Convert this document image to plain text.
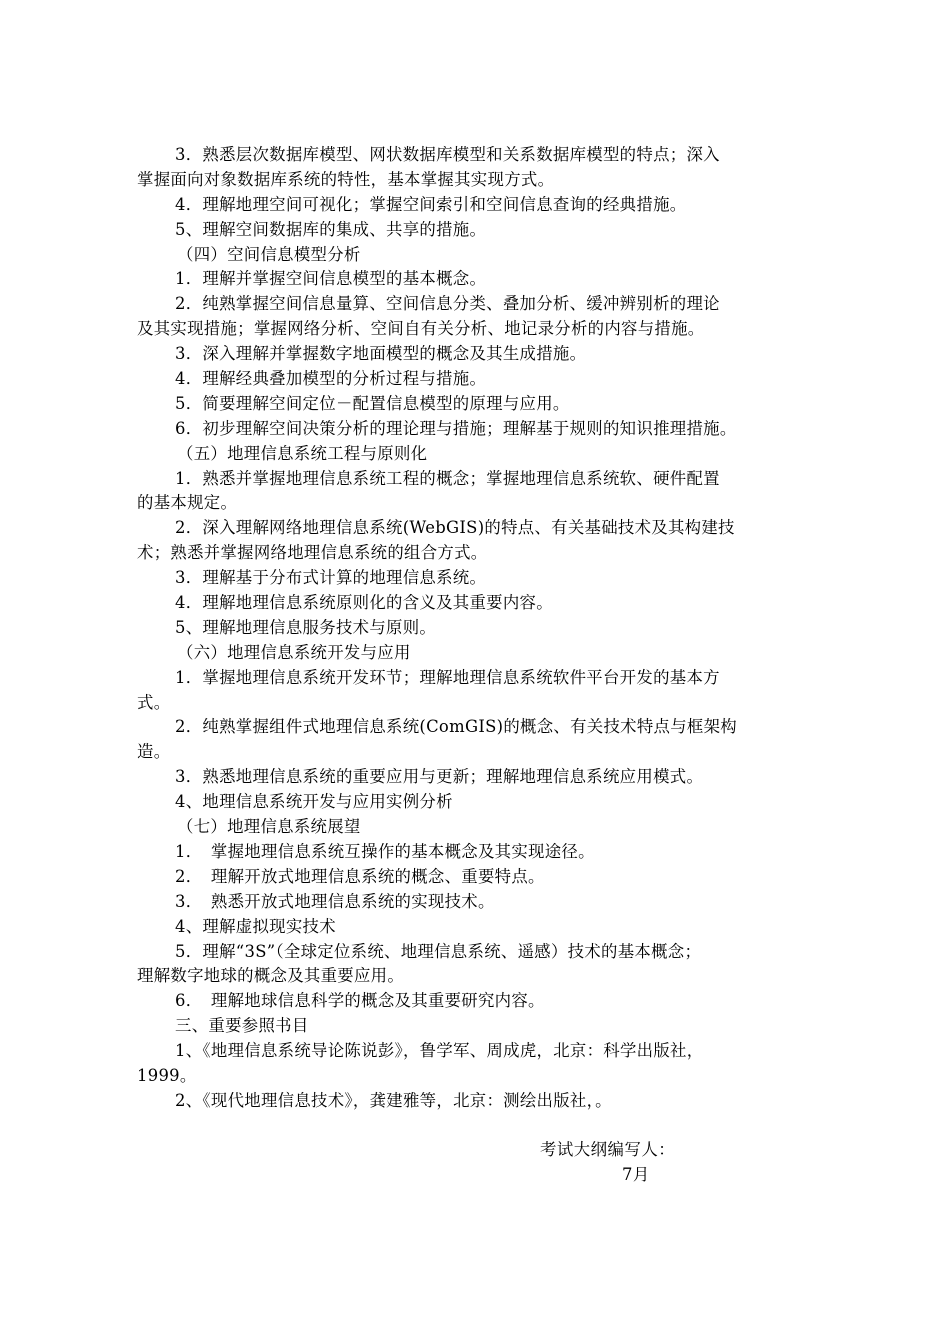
3．熟悉层次数据库模型、网状数据库模型和关系数据库模型的特点；深入
掌握面向对象数据库系统的特性，基本掌握其实现方式。
4．理解地理空间可视化；掌握空间索引和空间信息查询的经典措施。
5、理解空间数据库的集成、共享的措施。
（四）空间信息模型分析
1．理解并掌握空间信息模型的基本概念。
2．纯熟掌握空间信息量算、空间信息分类、叠加分析、缓冲辨别析的理论
及其实现措施；掌握网络分析、空间自有关分析、地记录分析的内容与措施。
3．深入理解并掌握数字地面模型的概念及其生成措施。
4．理解经典叠加模型的分析过程与措施。
5．简要理解空间定位－配置信息模型的原理与应用。
6．初步理解空间决策分析的理论理与措施；理解基于规则的知识推理措施。
（五）地理信息系统工程与原则化
1．熟悉并掌握地理信息系统工程的概念；掌握地理信息系统软、硬件配置
的基本规定。
2．深入理解网络地理信息系统(WebGIS)的特点、有关基础技术及其构建技
术；熟悉并掌握网络地理信息系统的组合方式。
3．理解基于分布式计算的地理信息系统。
4．理解地理信息系统原则化的含义及其重要内容。
5、理解地理信息服务技术与原则。
（六）地理信息系统开发与应用
1．掌握地理信息系统开发环节；理解地理信息系统软件平台开发的基本方
式。
2．纯熟掌握组件式地理信息系统(ComGIS)的概念、有关技术特点与框架构
造。
3．熟悉地理信息系统的重要应用与更新；理解地理信息系统应用模式。
4、地理信息系统开发与应用实例分析
（七）地理信息系统展望
1．　掌握地理信息系统互操作的基本概念及其实现途径。
2．　理解开放式地理信息系统的概念、重要特点。
3．　熟悉开放式地理信息系统的实现技术。
4、理解虚拟现实技术
5．理解“3S”（全球定位系统、地理信息系统、遥感）技术的基本概念；
理解数字地球的概念及其重要应用。
6．　理解地球信息科学的概念及其重要研究内容。
三、重要参照书目
1、《地理信息系统导论陈说彭》，鲁学军、周成虎，北京：科学出版社，
1999。
2、《现代地理信息技术》，龚建雅等，北京：测绘出版社，。
考试大纲编写人：
7月
